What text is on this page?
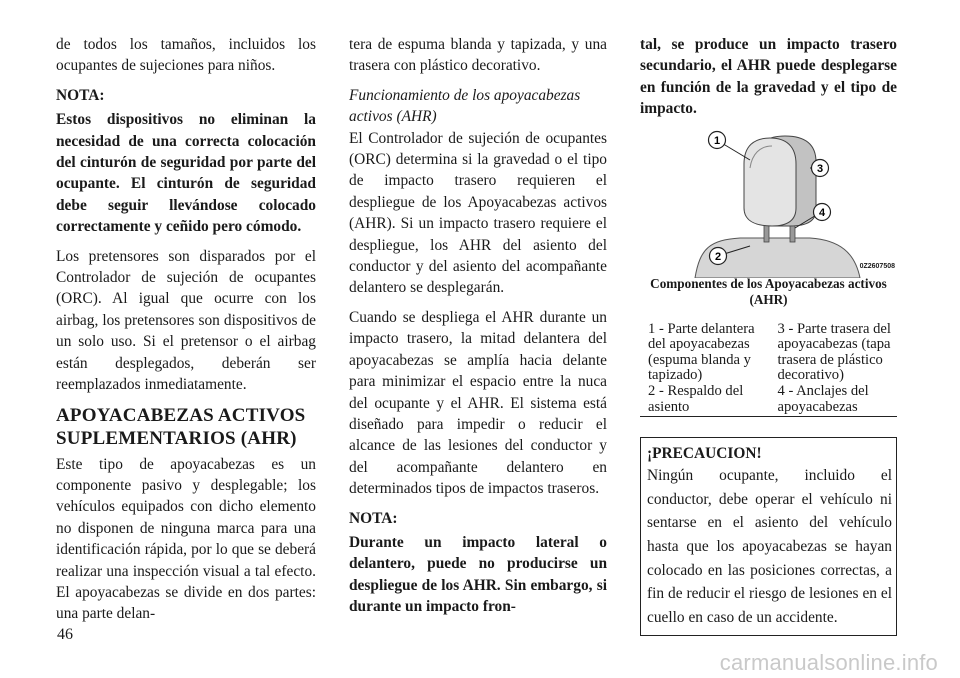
de todos los tamaños, incluidos los ocupantes de sujeciones para niños.

NOTA:

Estos dispositivos no eliminan la necesidad de una correcta colocación del cinturón de seguridad por parte del ocupante. El cinturón de seguridad debe seguir llevándose colocado correctamente y ceñido pero cómodo.

Los pretensores son disparados por el Controlador de sujeción de ocupantes (ORC). Al igual que ocurre con los airbag, los pretensores son dispositivos de un solo uso. Si el pretensor o el airbag están desplegados, deberán ser reemplazados inmediatamente.

APOYACABEZAS ACTIVOS SUPLEMENTARIOS (AHR)

Este tipo de apoyacabezas es un componente pasivo y desplegable; los vehículos equipados con dicho elemento no disponen de ninguna marca para una identificación rápida, por lo que se deberá realizar una inspección visual a tal efecto. El apoyacabezas se divide en dos partes: una parte delan-

tera de espuma blanda y tapizada, y una trasera con plástico decorativo.

Funcionamiento de los apoyacabezas activos (AHR)

El Controlador de sujeción de ocupantes (ORC) determina si la gravedad o el tipo de impacto trasero requieren el despliegue de los Apoyacabezas activos (AHR). Si un impacto trasero requiere el despliegue, los AHR del asiento del conductor y del asiento del acompañante delantero se desplegarán.

Cuando se despliega el AHR durante un impacto trasero, la mitad delantera del apoyacabezas se amplía hacia delante para minimizar el espacio entre la nuca del ocupante y el AHR. El sistema está diseñado para impedir o reducir el alcance de las lesiones del conductor y del acompañante delantero en determinados tipos de impactos traseros.

NOTA:

Durante un impacto lateral o delantero, puede no producirse un despliegue de los AHR. Sin embargo, si durante un impacto fron-

tal, se produce un impacto trasero secundario, el AHR puede desplegarse en función de la gravedad y el tipo de impacto.

1
3
4
2
0Z2607508
Componentes de los Apoyacabezas activos (AHR)
1 - Parte delantera del apoyacabezas (espuma blanda y tapizado)
3 - Parte trasera del apoyacabezas (tapa trasera de plástico decorativo)
2 - Respaldo del asiento
4 - Anclajes del apoyacabezas

¡PRECAUCION!

Ningún ocupante, incluido el conductor, debe operar el vehículo ni sentarse en el asiento del vehículo hasta que los apoyacabezas se hayan colocado en las posiciones correctas, a fin de reducir el riesgo de lesiones en el cuello en caso de un accidente.

46
carmanualsonline.info
